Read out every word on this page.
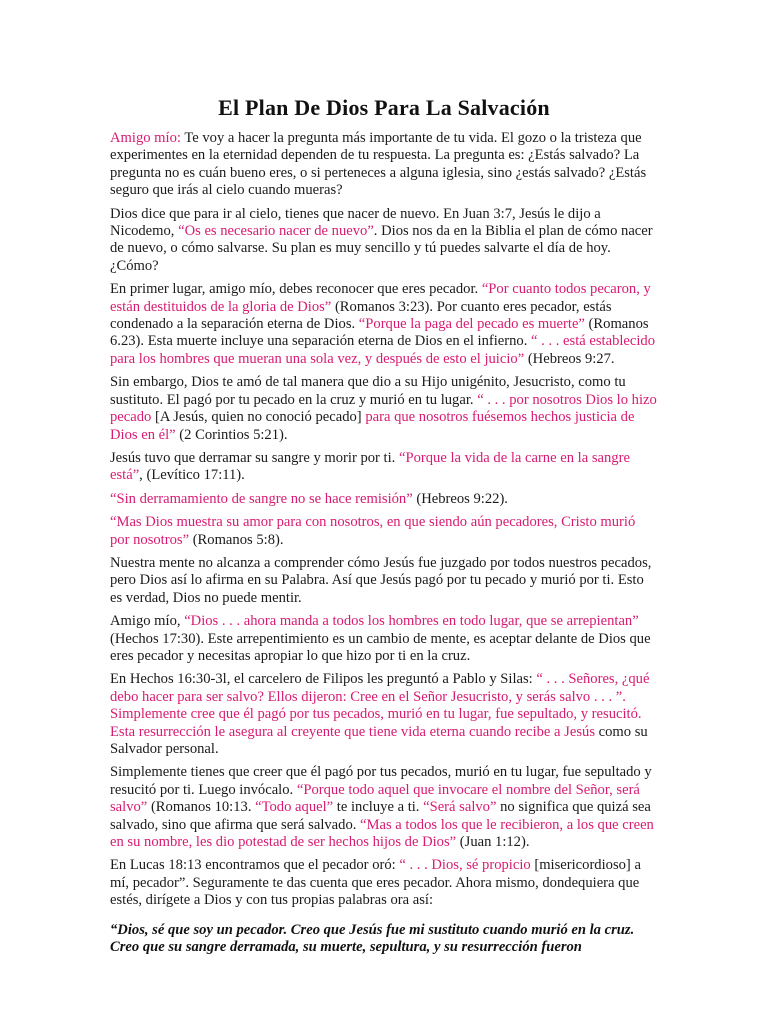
El Plan De Dios Para La Salvación

Amigo mío: Te voy a hacer la pregunta más importante de tu vida. El gozo o la tristeza que experimentes en la eternidad dependen de tu respuesta. La pregunta es: ¿Estás salvado? La pregunta no es cuán bueno eres, o si perteneces a alguna iglesia, sino ¿estás salvado? ¿Estás seguro que irás al cielo cuando mueras?

Dios dice que para ir al cielo, tienes que nacer de nuevo. En Juan 3:7, Jesús le dijo a Nicodemo, “Os es necesario nacer de nuevo”. Dios nos da en la Biblia el plan de cómo nacer de nuevo, o cómo salvarse. Su plan es muy sencillo y tú puedes salvarte el día de hoy. ¿Cómo?

En primer lugar, amigo mío, debes reconocer que eres pecador. “Por cuanto todos pecaron, y están destituidos de la gloria de Dios” (Romanos 3:23). Por cuanto eres pecador, estás condenado a la separación eterna de Dios. “Porque la paga del pecado es muerte” (Romanos 6.23). Esta muerte incluye una separación eterna de Dios en el infierno. “ . . . está establecido para los hombres que mueran una sola vez, y después de esto el juicio” (Hebreos 9:27.

Sin embargo, Dios te amó de tal manera que dio a su Hijo unigénito, Jesucristo, como tu sustituto. El pagó por tu pecado en la cruz y murió en tu lugar. “ . . . por nosotros Dios lo hizo pecado [A Jesús, quien no conoció pecado] para que nosotros fuésemos hechos justicia de Dios en él” (2 Corintios 5:21).

Jesús tuvo que derramar su sangre y morir por ti. “Porque la vida de la carne en la sangre está”, (Levítico 17:11).

“Sin derramamiento de sangre no se hace remisión” (Hebreos 9:22).

“Mas Dios muestra su amor para con nosotros, en que siendo aún pecadores, Cristo murió por nosotros” (Romanos 5:8).

Nuestra mente no alcanza a comprender cómo Jesús fue juzgado por todos nuestros pecados, pero Dios así lo afirma en su Palabra. Así que Jesús pagó por tu pecado y murió por ti. Esto es verdad, Dios no puede mentir.

Amigo mío, “Dios . . . ahora manda a todos los hombres en todo lugar, que se arrepientan” (Hechos 17:30). Este arrepentimiento es un cambio de mente, es aceptar delante de Dios que eres pecador y necesitas apropiar lo que hizo por ti en la cruz.

En Hechos 16:30-3l, el carcelero de Filipos les preguntó a Pablo y Silas: “ . . . Señores, ¿qué debo hacer para ser salvo? Ellos dijeron: Cree en el Señor Jesucristo, y serás salvo . . . ”. Simplemente cree que él pagó por tus pecados, murió en tu lugar, fue sepultado, y resucitó. Esta resurrección le asegura al creyente que tiene vida eterna cuando recibe a Jesús como su Salvador personal.

Simplemente tienes que creer que él pagó por tus pecados, murió en tu lugar, fue sepultado y resucitó por ti. Luego invócalo. “Porque todo aquel que invocare el nombre del Señor, será salvo” (Romanos 10:13. “Todo aquel” te incluye a ti. “Será salvo” no significa que quizá sea salvado, sino que afirma que será salvado. “Mas a todos los que le recibieron, a los que creen en su nombre, les dio potestad de ser hechos hijos de Dios” (Juan 1:12).

En Lucas 18:13 encontramos que el pecador oró: “ . . . Dios, sé propicio [misericordioso] a mí, pecador”. Seguramente te das cuenta que eres pecador. Ahora mismo, dondequiera que estés, dirígete a Dios y con tus propias palabras ora así:

“Dios, sé que soy un pecador. Creo que Jesús fue mi sustituto cuando murió en la cruz. Creo que su sangre derramada, su muerte, sepultura, y su resurrección fueron
